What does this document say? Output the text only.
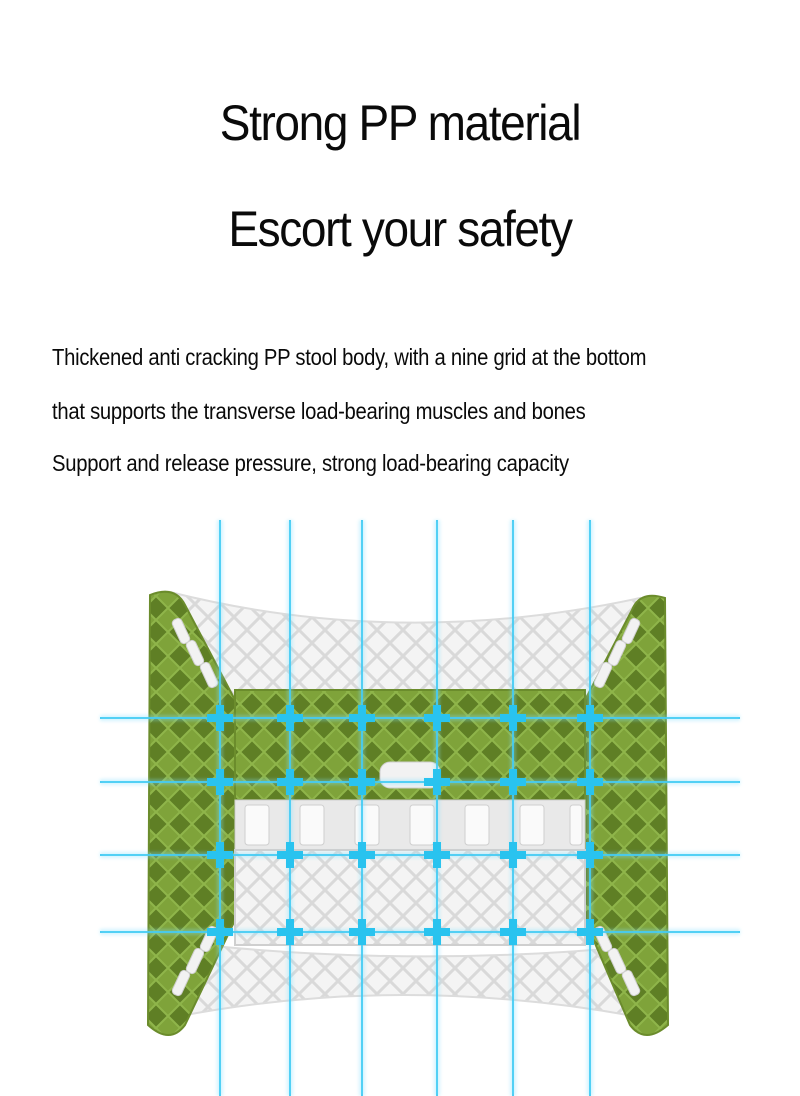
Strong PP material
Escort your safety
Thickened anti cracking PP stool body, with a nine grid at the bottom
that supports the transverse load-bearing muscles and bones
Support and release pressure, strong load-bearing capacity
